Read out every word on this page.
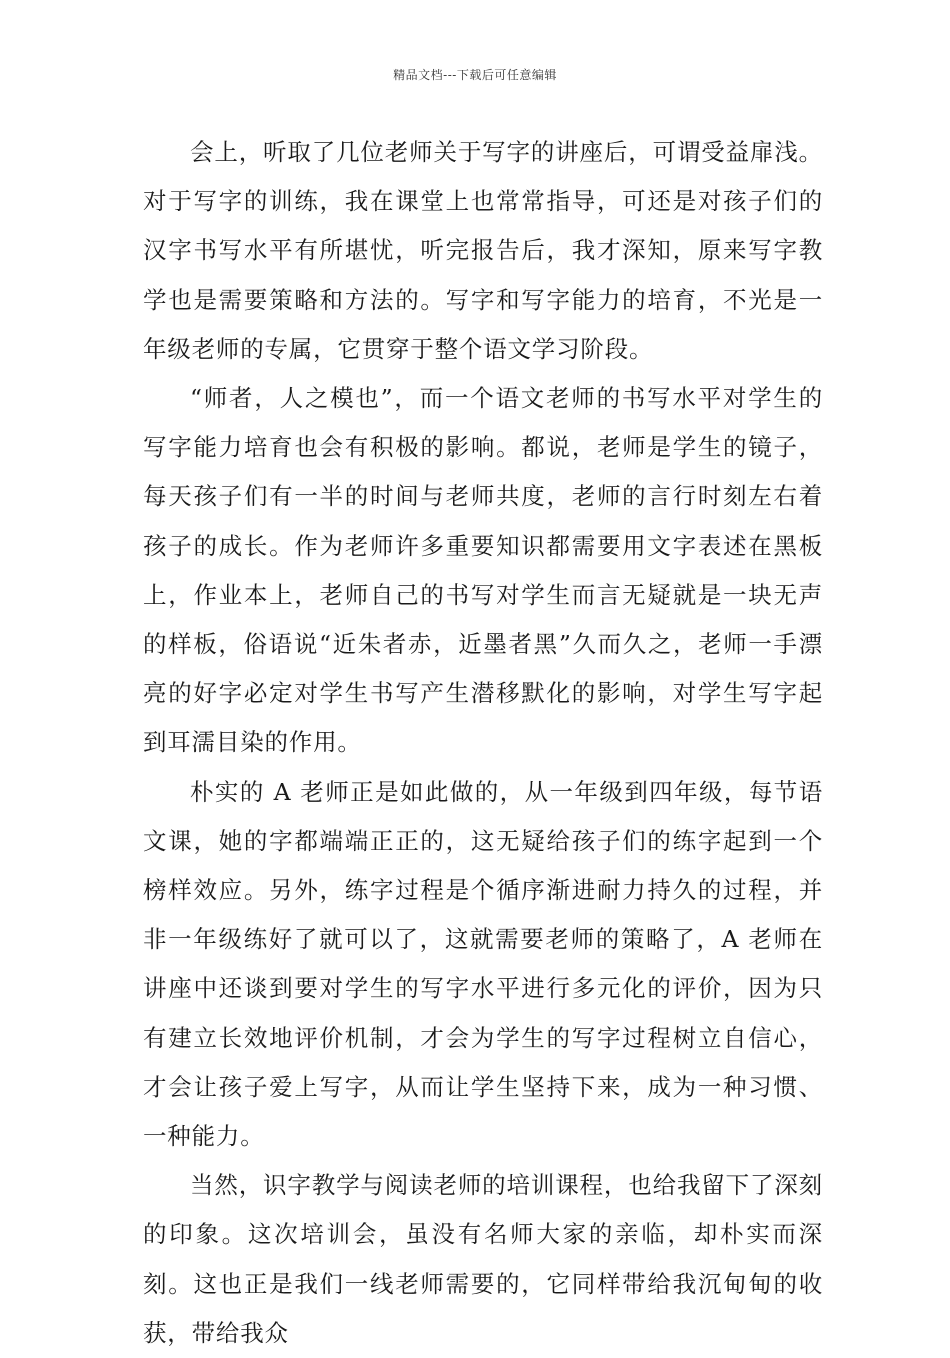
精品文档---下载后可任意编辑

会上，听取了几位老师关于写字的讲座后，可谓受益扉浅。对于写字的训练，我在课堂上也常常指导，可还是对孩子们的汉字书写水平有所堪忧，听完报告后，我才深知，原来写字教学也是需要策略和方法的。写字和写字能力的培育，不光是一年级老师的专属，它贯穿于整个语文学习阶段。

“师者，人之模也”，而一个语文老师的书写水平对学生的写字能力培育也会有积极的影响。都说，老师是学生的镜子，每天孩子们有一半的时间与老师共度，老师的言行时刻左右着孩子的成长。作为老师许多重要知识都需要用文字表述在黑板上，作业本上，老师自己的书写对学生而言无疑就是一块无声的样板，俗语说“近朱者赤，近墨者黑”久而久之，老师一手漂亮的好字必定对学生书写产生潜移默化的影响，对学生写字起到耳濡目染的作用。

朴实的 A 老师正是如此做的，从一年级到四年级，每节语文课，她的字都端端正正的，这无疑给孩子们的练字起到一个榜样效应。另外，练字过程是个循序渐进耐力持久的过程，并非一年级练好了就可以了，这就需要老师的策略了，A 老师在讲座中还谈到要对学生的写字水平进行多元化的评价，因为只有建立长效地评价机制，才会为学生的写字过程树立自信心，才会让孩子爱上写字，从而让学生坚持下来，成为一种习惯、一种能力。

当然，识字教学与阅读老师的培训课程，也给我留下了深刻的印象。这次培训会，虽没有名师大家的亲临，却朴实而深刻。这也正是我们一线老师需要的，它同样带给我沉甸甸的收获，带给我众
